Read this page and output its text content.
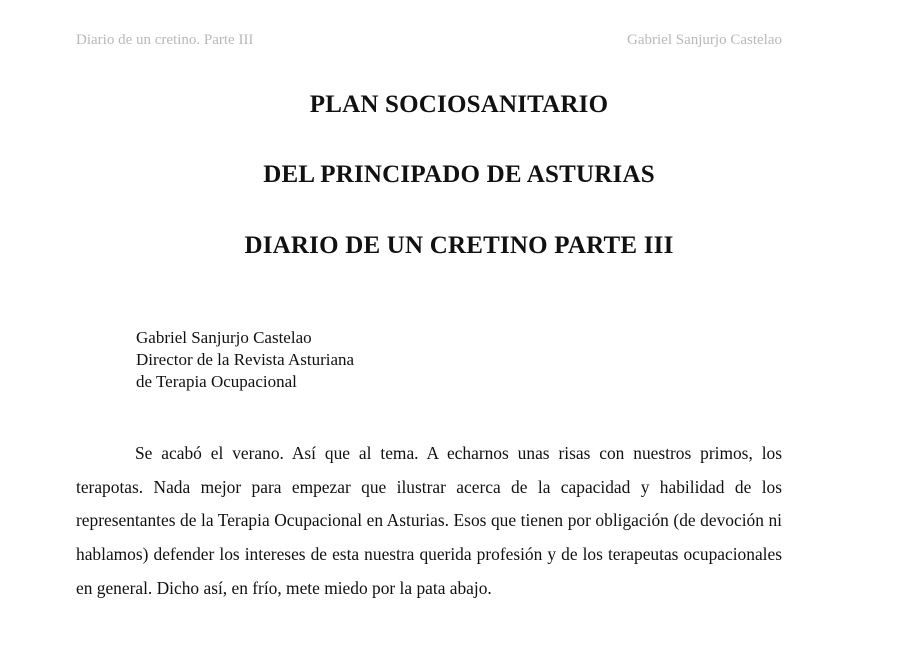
Diario de un cretino. Parte III	Gabriel Sanjurjo Castelao
PLAN SOCIOSANITARIO
DEL PRINCIPADO DE ASTURIAS
DIARIO DE UN CRETINO PARTE III
Gabriel Sanjurjo Castelao
Director de la Revista Asturiana
de Terapia Ocupacional

Se acabó el verano. Así que al tema. A echarnos unas risas con nuestros primos, los terapotas. Nada mejor para empezar que ilustrar acerca de la capacidad y habilidad de los representantes de la Terapia Ocupacional en Asturias. Esos que tienen por obligación (de devoción ni hablamos) defender los intereses de esta nuestra querida profesión y de los terapeutas ocupacionales en general. Dicho así, en frío, mete miedo por la pata abajo.
